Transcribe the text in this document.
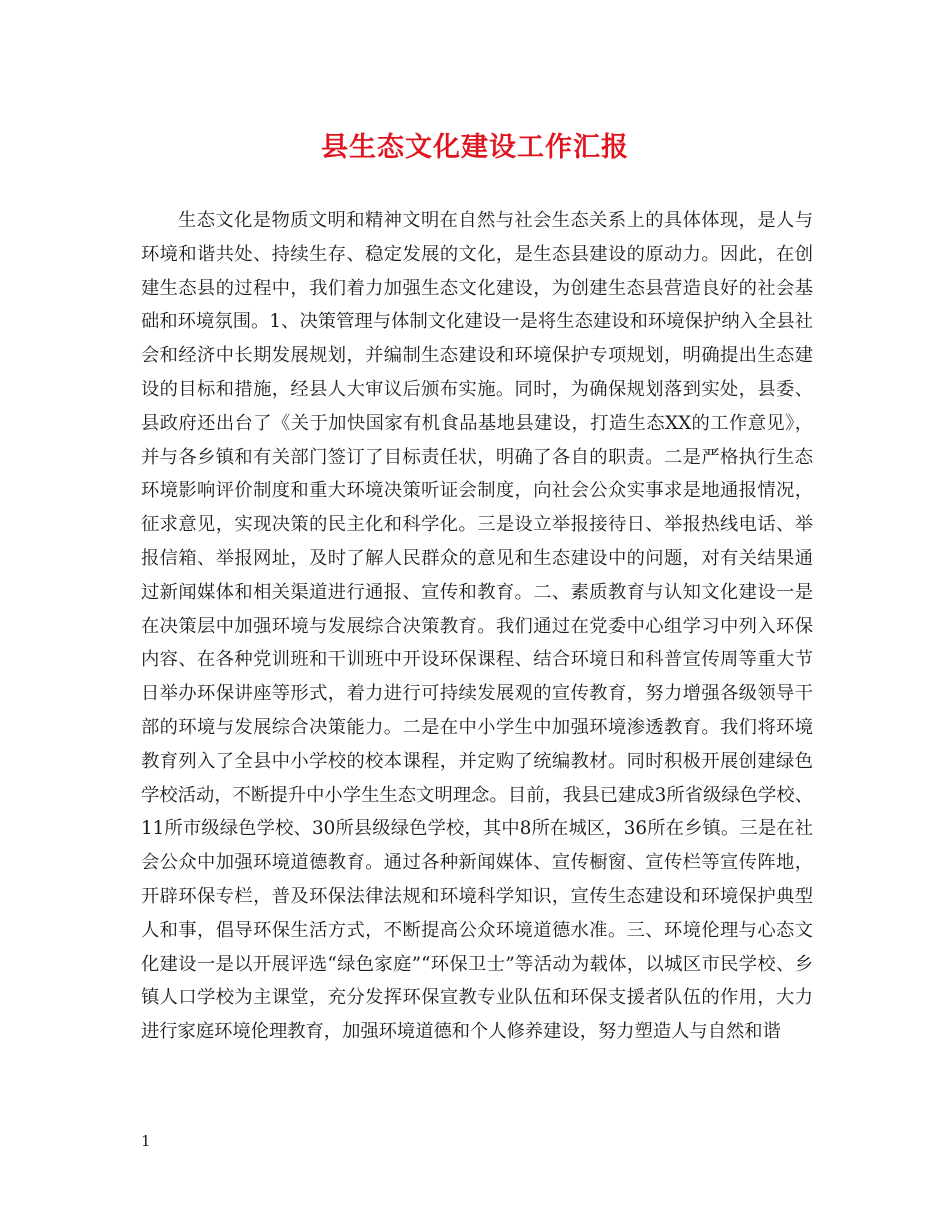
县生态文化建设工作汇报

生态文化是物质文明和精神文明在自然与社会生态关系上的具体体现，是人与环境和谐共处、持续生存、稳定发展的文化，是生态县建设的原动力。因此，在创建生态县的过程中，我们着力加强生态文化建设，为创建生态县营造良好的社会基础和环境氛围。1、决策管理与体制文化建设一是将生态建设和环境保护纳入全县社会和经济中长期发展规划，并编制生态建设和环境保护专项规划，明确提出生态建设的目标和措施，经县人大审议后颁布实施。同时，为确保规划落到实处，县委、县政府还出台了《关于加快国家有机食品基地县建设，打造生态XX的工作意见》，并与各乡镇和有关部门签订了目标责任状，明确了各自的职责。二是严格执行生态环境影响评价制度和重大环境决策听证会制度，向社会公众实事求是地通报情况，征求意见，实现决策的民主化和科学化。三是设立举报接待日、举报热线电话、举报信箱、举报网址，及时了解人民群众的意见和生态建设中的问题，对有关结果通过新闻媒体和相关渠道进行通报、宣传和教育。二、素质教育与认知文化建设一是在决策层中加强环境与发展综合决策教育。我们通过在党委中心组学习中列入环保内容、在各种党训班和干训班中开设环保课程、结合环境日和科普宣传周等重大节日举办环保讲座等形式，着力进行可持续发展观的宣传教育，努力增强各级领导干部的环境与发展综合决策能力。二是在中小学生中加强环境渗透教育。我们将环境教育列入了全县中小学校的校本课程，并定购了统编教材。同时积极开展创建绿色学校活动，不断提升中小学生生态文明理念。目前，我县已建成3所省级绿色学校、11所市级绿色学校、30所县级绿色学校，其中8所在城区，36所在乡镇。三是在社会公众中加强环境道德教育。通过各种新闻媒体、宣传橱窗、宣传栏等宣传阵地，开辟环保专栏，普及环保法律法规和环境科学知识，宣传生态建设和环境保护典型人和事，倡导环保生活方式，不断提高公众环境道德水准。三、环境伦理与心态文化建设一是以开展评选“绿色家庭”“环保卫士”等活动为载体，以城区市民学校、乡镇人口学校为主课堂，充分发挥环保宣教专业队伍和环保支援者队伍的作用，大力进行家庭环境伦理教育，加强环境道德和个人修养建设，努力塑造人与自然和谐

1
